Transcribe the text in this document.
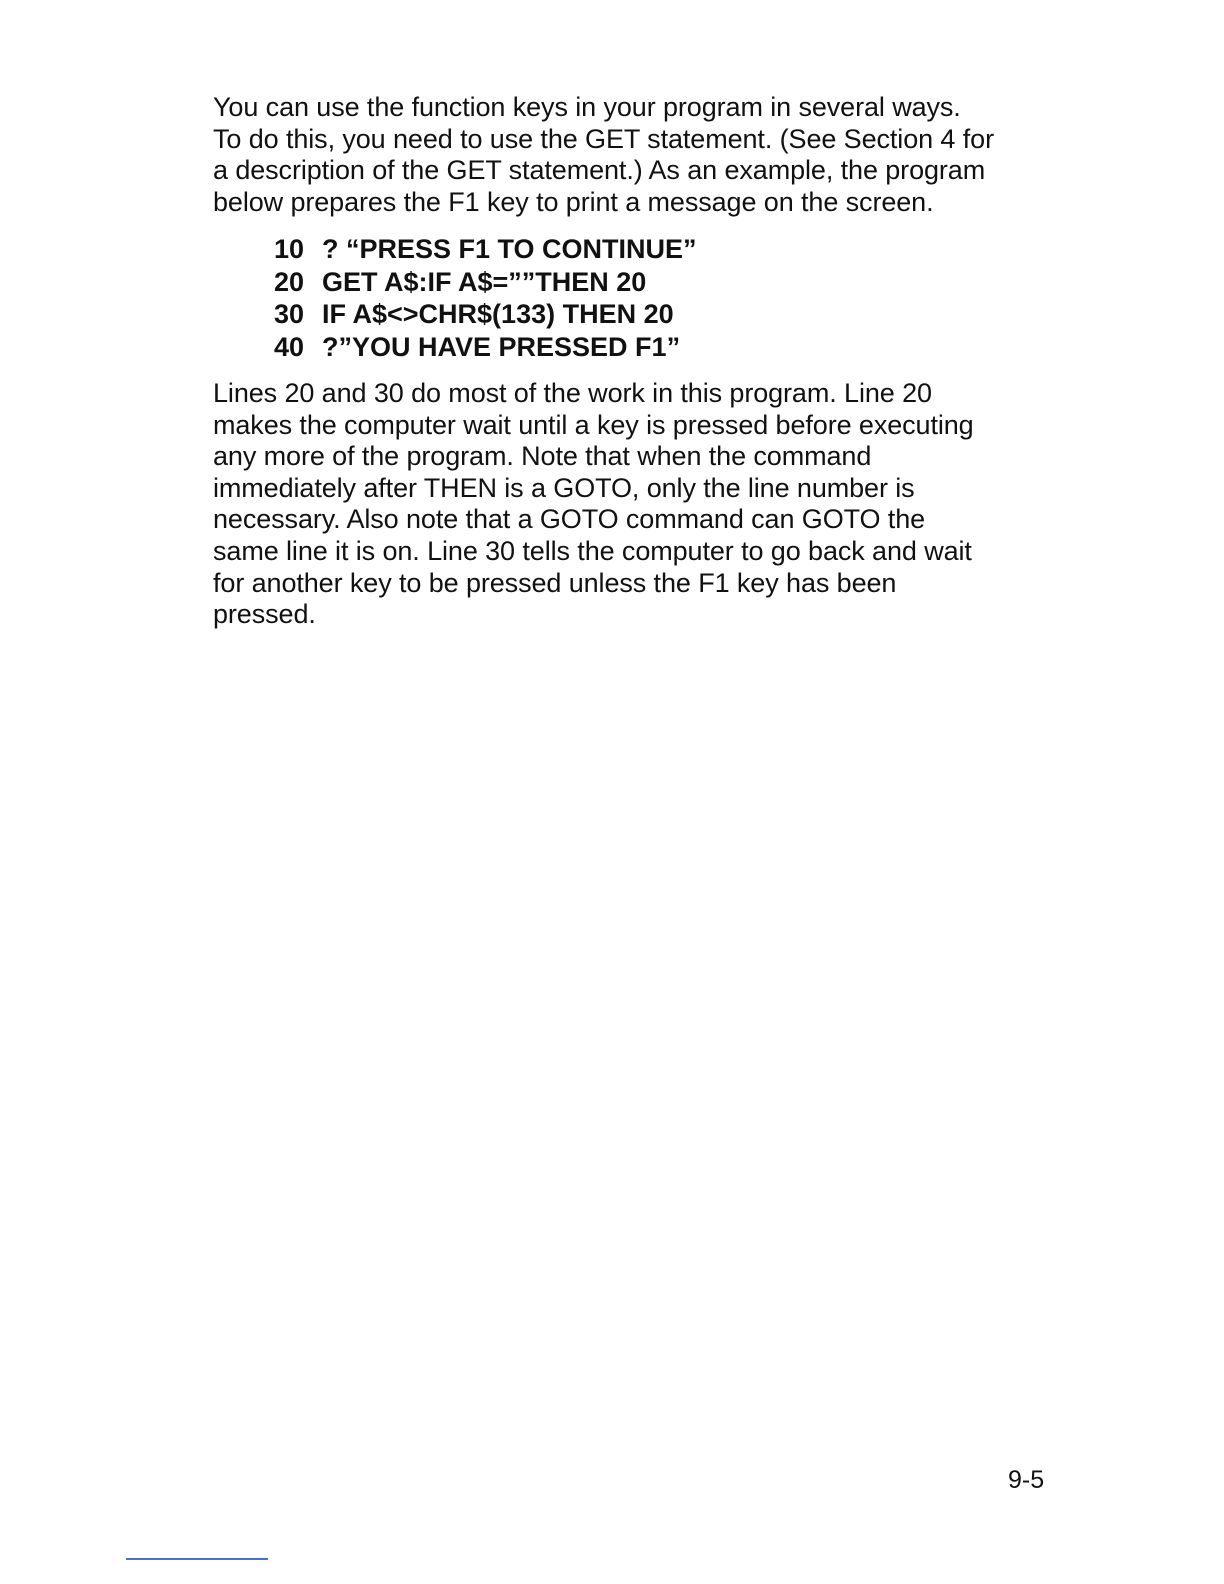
You can use the function keys in your program in several ways.
To do this, you need to use the GET statement. (See Section 4 for
a description of the GET statement.) As an example, the program
below prepares the F1 key to print a message on the screen.

10 ? “PRESS F1 TO CONTINUE”
20 GET A$:IF A$=””THEN 20
30 IF A$<>CHR$(133) THEN 20
40 ?”YOU HAVE PRESSED F1”

Lines 20 and 30 do most of the work in this program. Line 20
makes the computer wait until a key is pressed before executing
any more of the program. Note that when the command
immediately after THEN is a GOTO, only the line number is
necessary. Also note that a GOTO command can GOTO the
same line it is on. Line 30 tells the computer to go back and wait
for another key to be pressed unless the F1 key has been
pressed.

9-5
